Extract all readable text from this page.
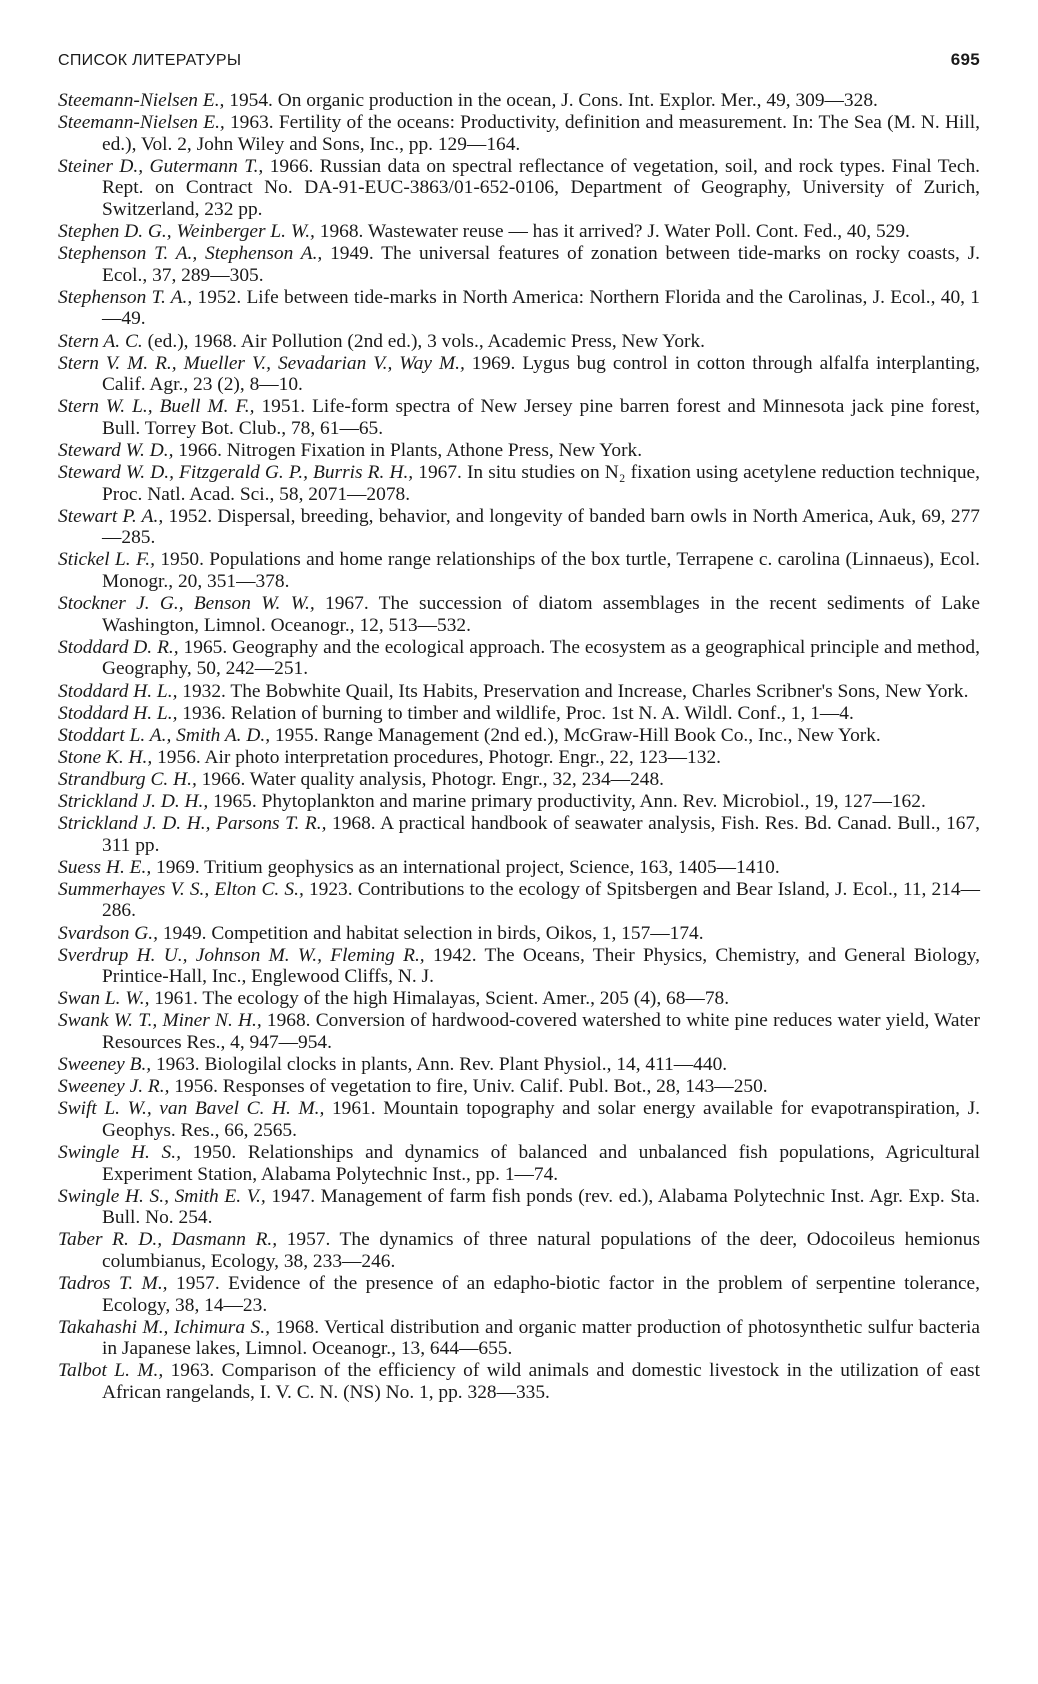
СПИСОК ЛИТЕРАТУРЫ	695
Steemann-Nielsen E., 1954. On organic production in the ocean, J. Cons. Int. Explor. Mer., 49, 309—328.
Steemann-Nielsen E., 1963. Fertility of the oceans: Productivity, definition and measurement. In: The Sea (M. N. Hill, ed.), Vol. 2, John Wiley and Sons, Inc., pp. 129—164.
Steiner D., Gutermann T., 1966. Russian data on spectral reflectance of vegetation, soil, and rock types. Final Tech. Rept. on Contract No. DA-91-EUC-3863/01-652-0106, Department of Geography, University of Zurich, Switzerland, 232 pp.
Stephen D. G., Weinberger L. W., 1968. Wastewater reuse — has it arrived? J. Water Poll. Cont. Fed., 40, 529.
Stephenson T. A., Stephenson A., 1949. The universal features of zonation between tide-marks on rocky coasts, J. Ecol., 37, 289—305.
Stephenson T. A., 1952. Life between tide-marks in North America: Northern Florida and the Carolinas, J. Ecol., 40, 1—49.
Stern A. C. (ed.), 1968. Air Pollution (2nd ed.), 3 vols., Academic Press, New York.
Stern V. M. R., Mueller V., Sevadarian V., Way M., 1969. Lygus bug control in cotton through alfalfa interplanting, Calif. Agr., 23 (2), 8—10.
Stern W. L., Buell M. F., 1951. Life-form spectra of New Jersey pine barren forest and Minnesota jack pine forest, Bull. Torrey Bot. Club., 78, 61—65.
Steward W. D., 1966. Nitrogen Fixation in Plants, Athone Press, New York.
Steward W. D., Fitzgerald G. P., Burris R. H., 1967. In situ studies on N₂ fixation using acetylene reduction technique, Proc. Natl. Acad. Sci., 58, 2071—2078.
Stewart P. A., 1952. Dispersal, breeding, behavior, and longevity of banded barn owls in North America, Auk, 69, 277—285.
Stickel L. F., 1950. Populations and home range relationships of the box turtle, Terrapene c. carolina (Linnaeus), Ecol. Monogr., 20, 351—378.
Stockner J. G., Benson W. W., 1967. The succession of diatom assemblages in the recent sediments of Lake Washington, Limnol. Oceanogr., 12, 513—532.
Stoddard D. R., 1965. Geography and the ecological approach. The ecosystem as a geographical principle and method, Geography, 50, 242—251.
Stoddard H. L., 1932. The Bobwhite Quail, Its Habits, Preservation and Increase, Charles Scribner's Sons, New York.
Stoddard H. L., 1936. Relation of burning to timber and wildlife, Proc. 1st N. A. Wildl. Conf., 1, 1—4.
Stoddart L. A., Smith A. D., 1955. Range Management (2nd ed.), McGraw-Hill Book Co., Inc., New York.
Stone K. H., 1956. Air photo interpretation procedures, Photogr. Engr., 22, 123—132.
Strandburg C. H., 1966. Water quality analysis, Photogr. Engr., 32, 234—248.
Strickland J. D. H., 1965. Phytoplankton and marine primary productivity, Ann. Rev. Microbiol., 19, 127—162.
Strickland J. D. H., Parsons T. R., 1968. A practical handbook of seawater analysis, Fish. Res. Bd. Canad. Bull., 167, 311 pp.
Suess H. E., 1969. Tritium geophysics as an international project, Science, 163, 1405—1410.
Summerhayes V. S., Elton C. S., 1923. Contributions to the ecology of Spitsbergen and Bear Island, J. Ecol., 11, 214—286.
Svardson G., 1949. Competition and habitat selection in birds, Oikos, 1, 157—174.
Sverdrup H. U., Johnson M. W., Fleming R., 1942. The Oceans, Their Physics, Chemistry, and General Biology, Printice-Hall, Inc., Englewood Cliffs, N. J.
Swan L. W., 1961. The ecology of the high Himalayas, Scient. Amer., 205 (4), 68—78.
Swank W. T., Miner N. H., 1968. Conversion of hardwood-covered watershed to white pine reduces water yield, Water Resources Res., 4, 947—954.
Sweeney B., 1963. Biologilal clocks in plants, Ann. Rev. Plant Physiol., 14, 411—440.
Sweeney J. R., 1956. Responses of vegetation to fire, Univ. Calif. Publ. Bot., 28, 143—250.
Swift L. W., van Bavel C. H. M., 1961. Mountain topography and solar energy available for evapotranspiration, J. Geophys. Res., 66, 2565.
Swingle H. S., 1950. Relationships and dynamics of balanced and unbalanced fish populations, Agricultural Experiment Station, Alabama Polytechnic Inst., pp. 1—74.
Swingle H. S., Smith E. V., 1947. Management of farm fish ponds (rev. ed.), Alabama Polytechnic Inst. Agr. Exp. Sta. Bull. No. 254.
Taber R. D., Dasmann R., 1957. The dynamics of three natural populations of the deer, Odocoileus hemionus columbianus, Ecology, 38, 233—246.
Tadros T. M., 1957. Evidence of the presence of an edapho-biotic factor in the problem of serpentine tolerance, Ecology, 38, 14—23.
Takahashi M., Ichimura S., 1968. Vertical distribution and organic matter production of photosynthetic sulfur bacteria in Japanese lakes, Limnol. Oceanogr., 13, 644—655.
Talbot L. M., 1963. Comparison of the efficiency of wild animals and domestic livestock in the utilization of east African rangelands, I. V. C. N. (NS) No. 1, pp. 328—335.
